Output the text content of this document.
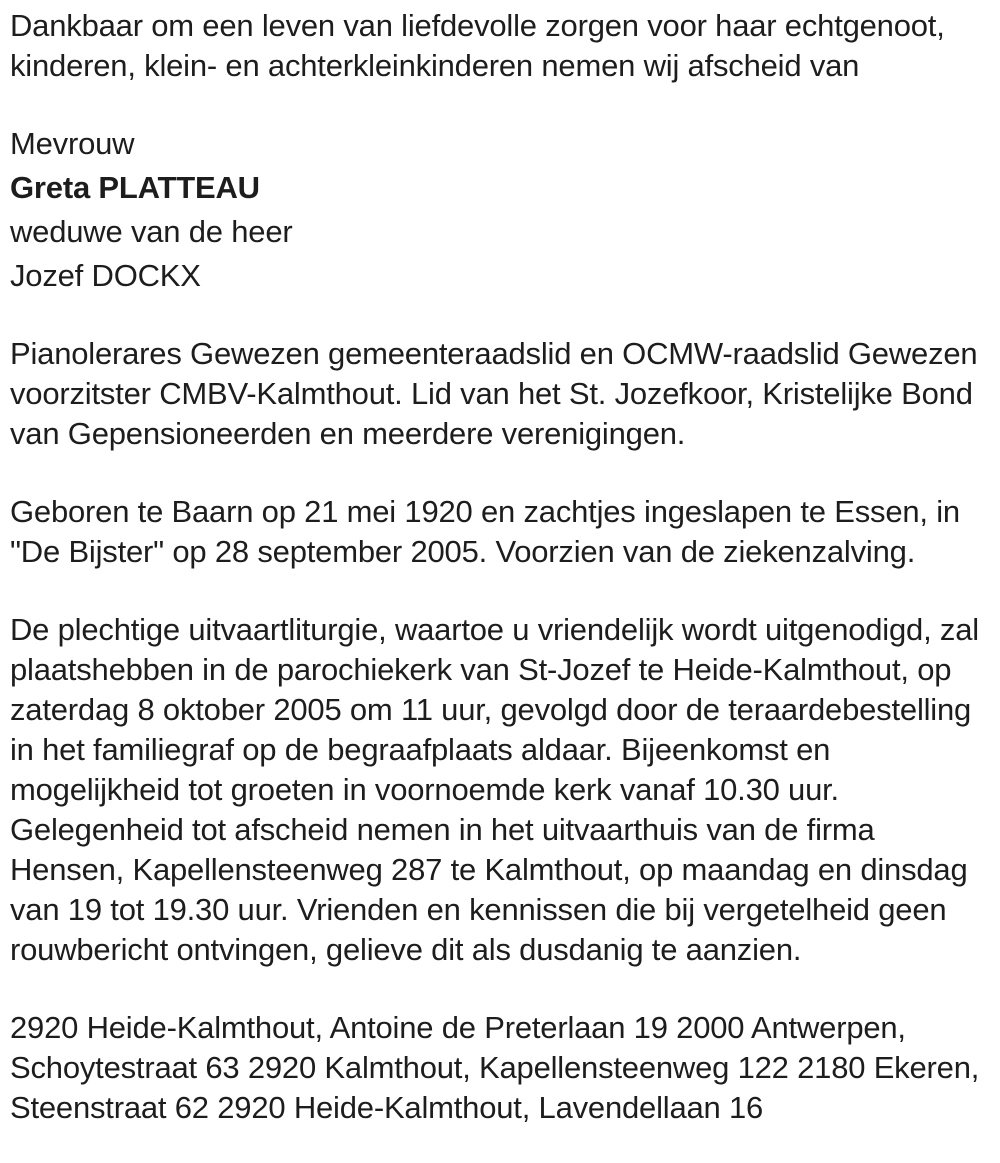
Dankbaar om een leven van liefdevolle zorgen voor haar echtgenoot, kinderen, klein- en achterkleinkinderen nemen wij afscheid van

Mevrouw

Greta PLATTEAU

weduwe van de heer

Jozef DOCKX

Pianolerares Gewezen gemeenteraadslid en OCMW-raadslid Gewezen voorzitster CMBV-Kalmthout. Lid van het St. Jozefkoor, Kristelijke Bond van Gepensioneerden en meerdere verenigingen.

Geboren te Baarn op 21 mei 1920 en zachtjes ingeslapen te Essen, in "De Bijster" op 28 september 2005. Voorzien van de ziekenzalving.

De plechtige uitvaartliturgie, waartoe u vriendelijk wordt uitgenodigd, zal plaatshebben in de parochiekerk van St-Jozef te Heide-Kalmthout, op zaterdag 8 oktober 2005 om 11 uur, gevolgd door de teraardebestelling in het familiegraf op de begraafplaats aldaar. Bijeenkomst en mogelijkheid tot groeten in voornoemde kerk vanaf 10.30 uur. Gelegenheid tot afscheid nemen in het uitvaarthuis van de firma Hensen, Kapellensteenweg 287 te Kalmthout, op maandag en dinsdag van 19 tot 19.30 uur. Vrienden en kennissen die bij vergetelheid geen rouwbericht ontvingen, gelieve dit als dusdanig te aanzien.

2920 Heide-Kalmthout, Antoine de Preterlaan 19 2000 Antwerpen, Schoytestraat 63 2920 Kalmthout, Kapellensteenweg 122 2180 Ekeren, Steenstraat 62 2920 Heide-Kalmthout, Lavendellaan 16
